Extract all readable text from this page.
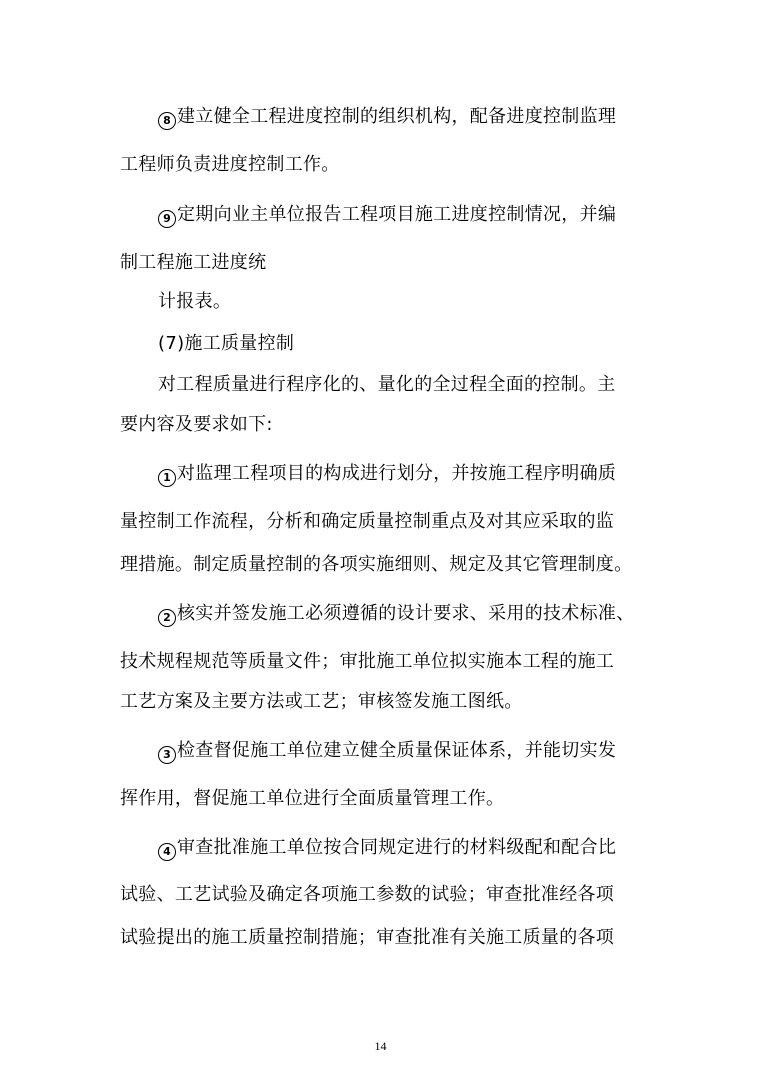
8 建立健全工程进度控制的组织机构，配备进度控制监理
工程师负责进度控制工作。
9 定期向业主单位报告工程项目施工进度控制情况，并编
制工程施工进度统
计报表。
(7)施工质量控制
对工程质量进行程序化的、量化的全过程全面的控制。主
要内容及要求如下:
1 对监理工程项目的构成进行划分，并按施工程序明确质
量控制工作流程，分析和确定质量控制重点及对其应采取的监
理措施。制定质量控制的各项实施细则、规定及其它管理制度。
2 核实并签发施工必须遵循的设计要求、采用的技术标准、
技术规程规范等质量文件；审批施工单位拟实施本工程的施工
工艺方案及主要方法或工艺；审核签发施工图纸。
3 检查督促施工单位建立健全质量保证体系，并能切实发
挥作用，督促施工单位进行全面质量管理工作。
4 审查批准施工单位按合同规定进行的材料级配和配合比
试验、工艺试验及确定各项施工参数的试验；审查批准经各项
试验提出的施工质量控制措施；审查批准有关施工质量的各项
14
